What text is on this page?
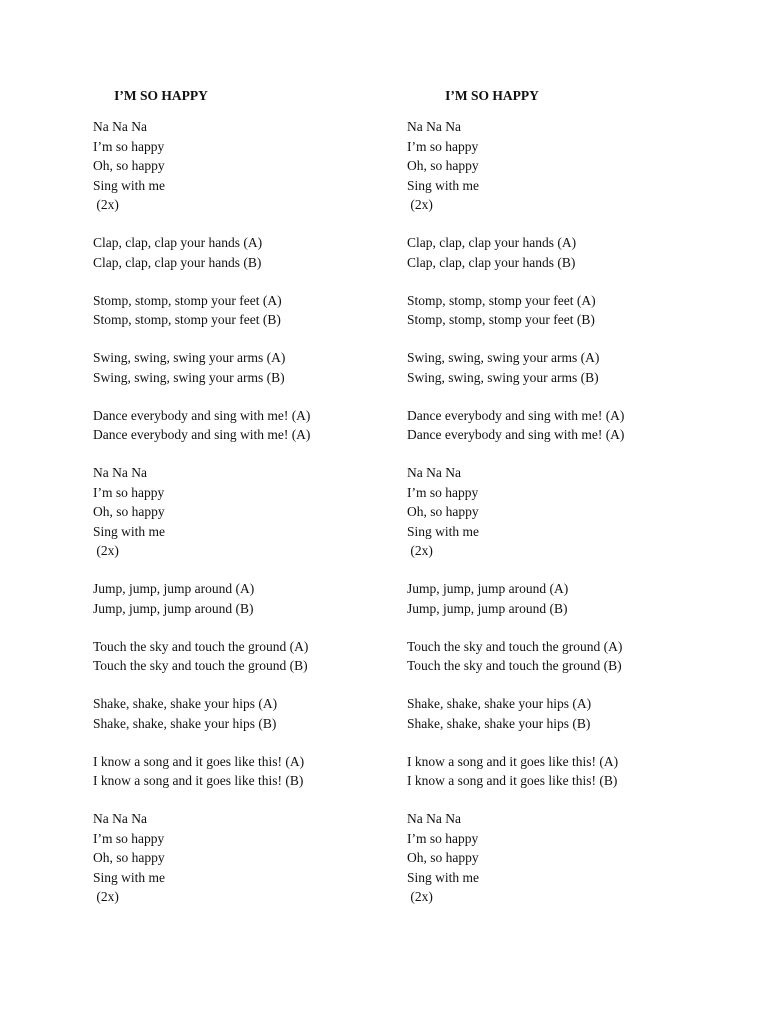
I’M SO HAPPY
Na Na Na
I’m so happy
Oh, so happy
Sing with me
(2x)
Clap, clap, clap your hands (A)
Clap, clap, clap your hands (B)
Stomp, stomp, stomp your feet (A)
Stomp, stomp, stomp your feet (B)
Swing, swing, swing your arms (A)
Swing, swing, swing your arms (B)
Dance everybody and sing with me! (A)
Dance everybody and sing with me! (A)
Na Na Na
I’m so happy
Oh, so happy
Sing with me
(2x)
Jump, jump, jump around (A)
Jump, jump, jump around (B)
Touch the sky and touch the ground (A)
Touch the sky and touch the ground (B)
Shake, shake, shake your hips (A)
Shake, shake, shake your hips (B)
I know a song and it goes like this! (A)
I know a song and it goes like this! (B)
Na Na Na
I’m so happy
Oh, so happy
Sing with me
(2x)
I’M SO HAPPY
Na Na Na
I’m so happy
Oh, so happy
Sing with me
(2x)
Clap, clap, clap your hands (A)
Clap, clap, clap your hands (B)
Stomp, stomp, stomp your feet (A)
Stomp, stomp, stomp your feet (B)
Swing, swing, swing your arms (A)
Swing, swing, swing your arms (B)
Dance everybody and sing with me! (A)
Dance everybody and sing with me! (A)
Na Na Na
I’m so happy
Oh, so happy
Sing with me
(2x)
Jump, jump, jump around (A)
Jump, jump, jump around (B)
Touch the sky and touch the ground (A)
Touch the sky and touch the ground (B)
Shake, shake, shake your hips (A)
Shake, shake, shake your hips (B)
I know a song and it goes like this! (A)
I know a song and it goes like this! (B)
Na Na Na
I’m so happy
Oh, so happy
Sing with me
(2x)
